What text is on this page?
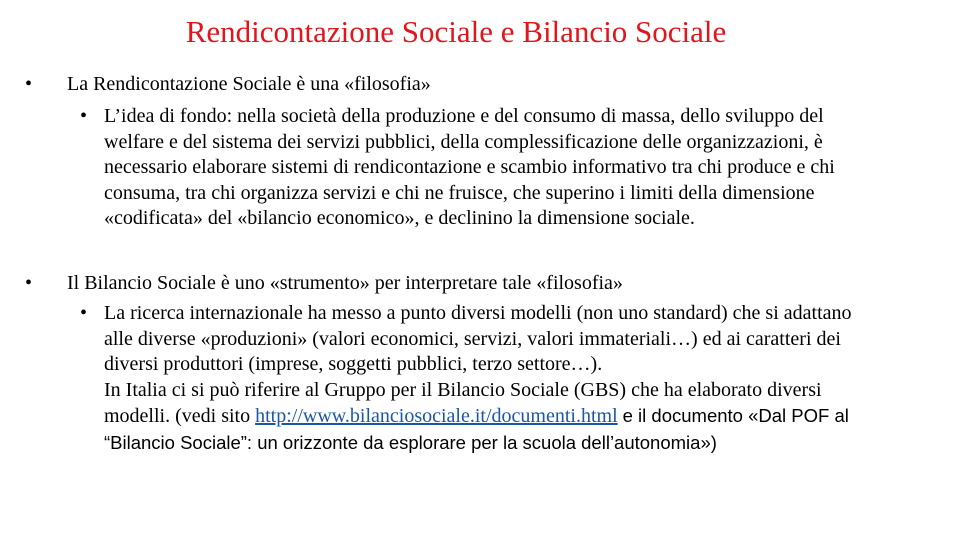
Rendicontazione Sociale e Bilancio Sociale
• La Rendicontazione Sociale è una «filosofia»
• L’idea di fondo: nella società della produzione e del consumo di massa, dello sviluppo del welfare e del sistema dei servizi pubblici, della complessificazione delle organizzazioni, è necessario elaborare sistemi di rendicontazione e scambio informativo tra chi produce e chi consuma, tra chi organizza servizi e chi ne fruisce, che superino i limiti della dimensione «codificata» del «bilancio economico», e declinino la dimensione sociale.
• Il Bilancio Sociale è uno «strumento» per interpretare tale «filosofia»
• La ricerca internazionale ha messo a punto diversi modelli (non uno standard) che si adattano alle diverse «produzioni» (valori economici, servizi, valori immateriali…) ed ai caratteri dei diversi produttori (imprese, soggetti pubblici, terzo settore…).
In Italia ci si può riferire al Gruppo per il Bilancio Sociale (GBS) che ha elaborato diversi modelli. (vedi sito http://www.bilanciosociale.it/documenti.html e il documento «Dal POF al “Bilancio Sociale”: un orizzonte da esplorare per la scuola dell’autonomia»)
